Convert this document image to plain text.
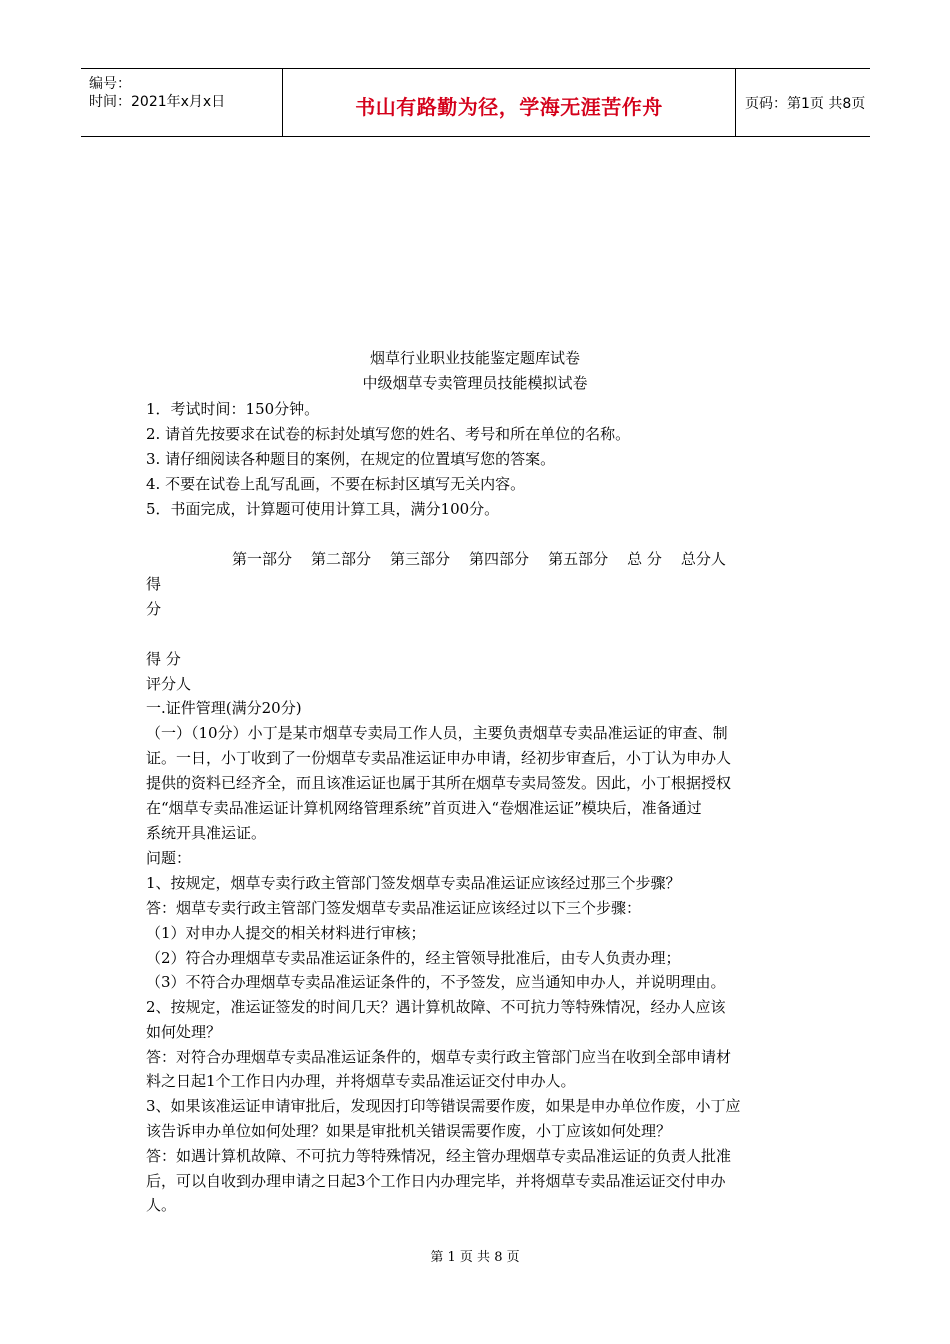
编号：
时间：2021年x月x日	书山有路勤为径，学海无涯苦作舟	页码：第1页 共8页
烟草行业职业技能鉴定题库试卷
中级烟草专卖管理员技能模拟试卷
1．考试时间：150分钟。
2. 请首先按要求在试卷的标封处填写您的姓名、考号和所在单位的名称。
3. 请仔细阅读各种题目的案例，在规定的位置填写您的答案。
4. 不要在试卷上乱写乱画，不要在标封区填写无关内容。
5．书面完成，计算题可使用计算工具，满分100分。
第一部分 第二部分 第三部分 第四部分 第五部分 总 分 总分人
得
分
得 分
评分人
一.证件管理(满分20分)
（一）（10分）小丁是某市烟草专卖局工作人员，主要负责烟草专卖品准运证的审查、制
证。一日，小丁收到了一份烟草专卖品准运证申办申请，经初步审查后，小丁认为申办人
提供的资料已经齐全，而且该准运证也属于其所在烟草专卖局签发。因此，小丁根据授权
在“烟草专卖品准运证计算机网络管理系统”首页进入“卷烟准运证”模块后，准备通过
系统开具准运证。
问题：
1、按规定，烟草专卖行政主管部门签发烟草专卖品准运证应该经过那三个步骤？
答：烟草专卖行政主管部门签发烟草专卖品准运证应该经过以下三个步骤：
（1）对申办人提交的相关材料进行审核；
（2）符合办理烟草专卖品准运证条件的，经主管领导批准后，由专人负责办理；
（3）不符合办理烟草专卖品准运证条件的，不予签发，应当通知申办人，并说明理由。
2、按规定，准运证签发的时间几天？遇计算机故障、不可抗力等特殊情况，经办人应该
如何处理？
答：对符合办理烟草专卖品准运证条件的，烟草专卖行政主管部门应当在收到全部申请材
料之日起1个工作日内办理，并将烟草专卖品准运证交付申办人。
3、如果该准运证申请审批后，发现因打印等错误需要作废，如果是申办单位作废，小丁应
该告诉申办单位如何处理？如果是审批机关错误需要作废，小丁应该如何处理？
答：如遇计算机故障、不可抗力等特殊情况，经主管办理烟草专卖品准运证的负责人批准
后，可以自收到办理申请之日起3个工作日内办理完毕，并将烟草专卖品准运证交付申办
人。
第 1 页 共 8 页
